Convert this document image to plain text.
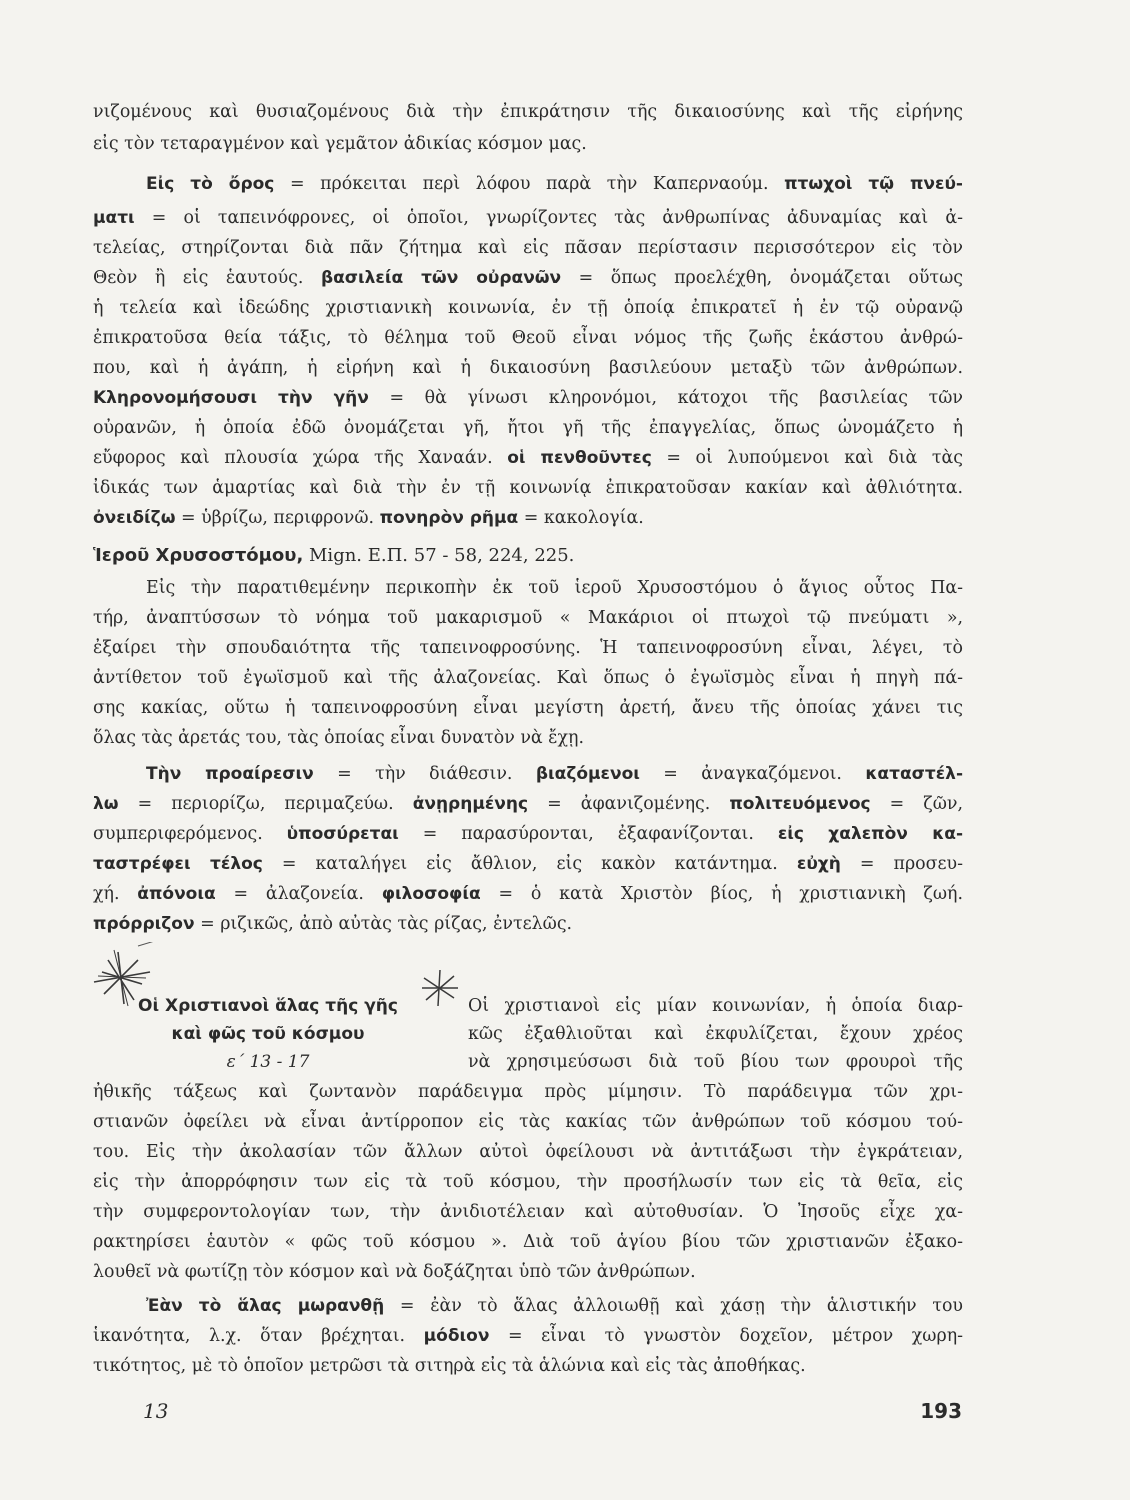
νιζομένους καὶ θυσιαζομένους διὰ τὴν ἐπικράτησιν τῆς δικαιοσύνης καὶ τῆς εἰρήνης
εἰς τὸν τεταραγμένον καὶ γεμᾶτον ἀδικίας κόσμον μας.
Εἰς τὸ ὄρος = πρόκειται περὶ λόφου παρὰ τὴν Καπερναούμ. πτωχοὶ τῷ πνεύ-
ματι = οἱ ταπεινόφρονες, οἱ ὁποῖοι, γνωρίζοντες τὰς ἀνθρωπίνας ἀδυναμίας καὶ ἀ-
τελείας, στηρίζονται διὰ πᾶν ζήτημα καὶ εἰς πᾶσαν περίστασιν περισσότερον εἰς τὸν
Θεὸν ἢ εἰς ἑαυτούς. βασιλεία τῶν οὐρανῶν = ὅπως προελέχθη, ὀνομάζεται οὕτως
ἡ τελεία καὶ ἰδεώδης χριστιανικὴ κοινωνία, ἐν τῇ ὁποίᾳ ἐπικρατεῖ ἡ ἐν τῷ οὐρανῷ
ἐπικρατοῦσα θεία τάξις, τὸ θέλημα τοῦ Θεοῦ εἶναι νόμος τῆς ζωῆς ἑκάστου ἀνθρώ-
που, καὶ ἡ ἀγάπη, ἡ εἰρήνη καὶ ἡ δικαιοσύνη βασιλεύουν μεταξὺ τῶν ἀνθρώπων.
Κληρονομήσουσι τὴν γῆν = θὰ γίνωσι κληρονόμοι, κάτοχοι τῆς βασιλείας τῶν
οὐρανῶν, ἡ ὁποία ἐδῶ ὀνομάζεται γῆ, ἤτοι γῆ τῆς ἐπαγγελίας, ὅπως ὠνομάζετο ἡ
εὔφορος καὶ πλουσία χώρα τῆς Χαναάν. οἱ πενθοῦντες = οἱ λυπούμενοι καὶ διὰ τὰς
ἰδικάς των ἁμαρτίας καὶ διὰ τὴν ἐν τῇ κοινωνίᾳ ἐπικρατοῦσαν κακίαν καὶ ἀθλιότητα.
ὀνειδίζω = ὑβρίζω, περιφρονῶ. πονηρὸν ρῆμα = κακολογία.
Ἱεροῦ Χρυσοστόμου, Mign. Ε.Π. 57 - 58, 224, 225.
Εἰς τὴν παρατιθεμένην περικοπὴν ἐκ τοῦ ἱεροῦ Χρυσοστόμου ὁ ἅγιος οὗτος Πα-
τήρ, ἀναπτύσσων τὸ νόημα τοῦ μακαρισμοῦ « Μακάριοι οἱ πτωχοὶ τῷ πνεύματι »,
ἐξαίρει τὴν σπουδαιότητα τῆς ταπεινοφροσύνης. Ἡ ταπεινοφροσύνη εἶναι, λέγει, τὸ
ἀντίθετον τοῦ ἐγωϊσμοῦ καὶ τῆς ἀλαζονείας. Καὶ ὅπως ὁ ἐγωϊσμὸς εἶναι ἡ πηγὴ πά-
σης κακίας, οὕτω ἡ ταπεινοφροσύνη εἶναι μεγίστη ἀρετή, ἄνευ τῆς ὁποίας χάνει τις
ὅλας τὰς ἀρετάς του, τὰς ὁποίας εἶναι δυνατὸν νὰ ἔχῃ.
Τὴν προαίρεσιν = τὴν διάθεσιν. βιαζόμενοι = ἀναγκαζόμενοι. καταστέλ-
λω = περιορίζω, περιμαζεύω. ἀνῃρημένης = ἀφανιζομένης. πολιτευόμενος = ζῶν,
συμπεριφερόμενος. ὑποσύρεται = παρασύρονται, ἐξαφανίζονται. εἰς χαλεπὸν κα-
ταστρέφει τέλος = καταλήγει εἰς ἄθλιον, εἰς κακὸν κατάντημα. εὐχὴ = προσευ-
χή. ἀπόνοια = ἀλαζονεία. φιλοσοφία = ὁ κατὰ Χριστὸν βίος, ἡ χριστιανικὴ ζωή.
πρόρριζον = ριζικῶς, ἀπὸ αὐτὰς τὰς ρίζας, ἐντελῶς.
Οἱ Χριστιανοὶ ἅλας τῆς γῆς
καὶ φῶς τοῦ κόσμου
ε΄ 13 - 17
Οἱ χριστιανοὶ εἰς μίαν κοινωνίαν, ἡ ὁποία διαρ-
κῶς ἐξαθλιοῦται καὶ ἐκφυλίζεται, ἔχουν χρέος
νὰ χρησιμεύσωσι διὰ τοῦ βίου των φρουροὶ τῆς
ἠθικῆς τάξεως καὶ ζωντανὸν παράδειγμα πρὸς μίμησιν. Τὸ παράδειγμα τῶν χρι-
στιανῶν ὀφείλει νὰ εἶναι ἀντίρροπον εἰς τὰς κακίας τῶν ἀνθρώπων τοῦ κόσμου τού-
του. Εἰς τὴν ἀκολασίαν τῶν ἄλλων αὐτοὶ ὀφείλουσι νὰ ἀντιτάξωσι τὴν ἐγκράτειαν,
εἰς τὴν ἀπορρόφησιν των εἰς τὰ τοῦ κόσμου, τὴν προσήλωσίν των εἰς τὰ θεῖα, εἰς
τὴν συμφεροντολογίαν των, τὴν ἀνιδιοτέλειαν καὶ αὐτοθυσίαν. Ὁ Ἰησοῦς εἶχε χα-
ρακτηρίσει ἑαυτὸν « φῶς τοῦ κόσμου ». Διὰ τοῦ ἁγίου βίου τῶν χριστιανῶν ἐξακο-
λουθεῖ νὰ φωτίζῃ τὸν κόσμον καὶ νὰ δοξάζηται ὑπὸ τῶν ἀνθρώπων.
Ἐὰν τὸ ἅλας μωρανθῇ = ἐὰν τὸ ἅλας ἀλλοιωθῇ καὶ χάσῃ τὴν ἁλιστικήν του
ἱκανότητα, λ.χ. ὅταν βρέχηται. μόδιον = εἶναι τὸ γνωστὸν δοχεῖον, μέτρον χωρη-
τικότητος, μὲ τὸ ὁποῖον μετρῶσι τὰ σιτηρὰ εἰς τὰ ἁλώνια καὶ εἰς τὰς ἀποθήκας.
13	193
